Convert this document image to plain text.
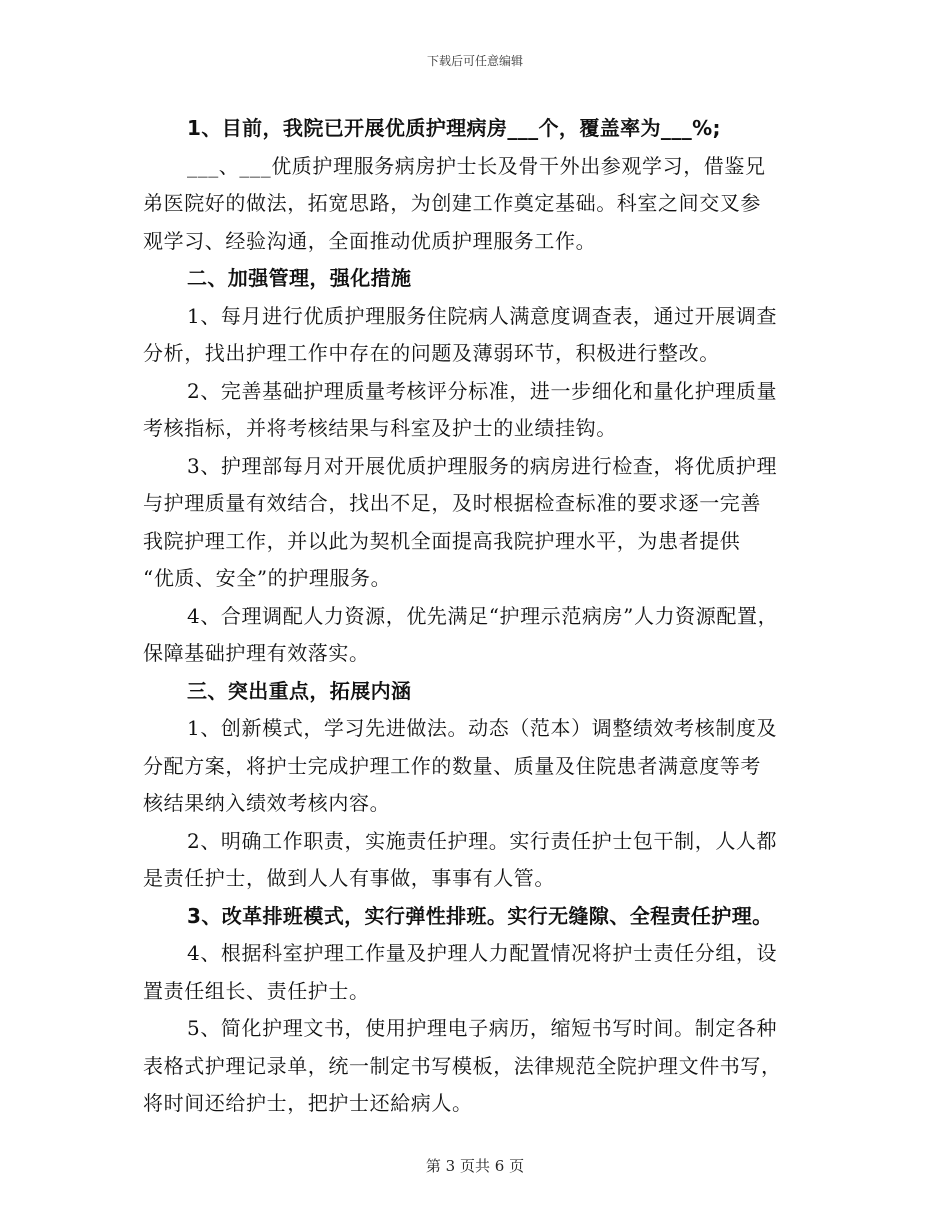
下载后可任意编辑
1、目前，我院已开展优质护理病房___个，覆盖率为___%;
___、___优质护理服务病房护士长及骨干外出参观学习，借鉴兄
弟医院好的做法，拓宽思路，为创建工作奠定基础。科室之间交叉参
观学习、经验沟通，全面推动优质护理服务工作。
二、加强管理，强化措施
1、每月进行优质护理服务住院病人满意度调查表，通过开展调查
分析，找出护理工作中存在的问题及薄弱环节，积极进行整改。
2、完善基础护理质量考核评分标准，进一步细化和量化护理质量
考核指标，并将考核结果与科室及护士的业绩挂钩。
3、护理部每月对开展优质护理服务的病房进行检查，将优质护理
与护理质量有效结合，找出不足，及时根据检查标准的要求逐一完善
我院护理工作，并以此为契机全面提高我院护理水平，为患者提供
“优质、安全”的护理服务。
4、合理调配人力资源，优先满足“护理示范病房”人力资源配置，
保障基础护理有效落实。
三、突出重点，拓展内涵
1、创新模式，学习先进做法。动态（范本）调整绩效考核制度及
分配方案，将护士完成护理工作的数量、质量及住院患者满意度等考
核结果纳入绩效考核内容。
2、明确工作职责，实施责任护理。实行责任护士包干制，人人都
是责任护士，做到人人有事做，事事有人管。
3、改革排班模式，实行弹性排班。实行无缝隙、全程责任护理。
4、根据科室护理工作量及护理人力配置情况将护士责任分组，设
置责任组长、责任护士。
5、简化护理文书，使用护理电子病历，缩短书写时间。制定各种
表格式护理记录单，统一制定书写模板，法律规范全院护理文件书写，
将时间还给护士，把护士还給病人。
第 3 页共 6 页
